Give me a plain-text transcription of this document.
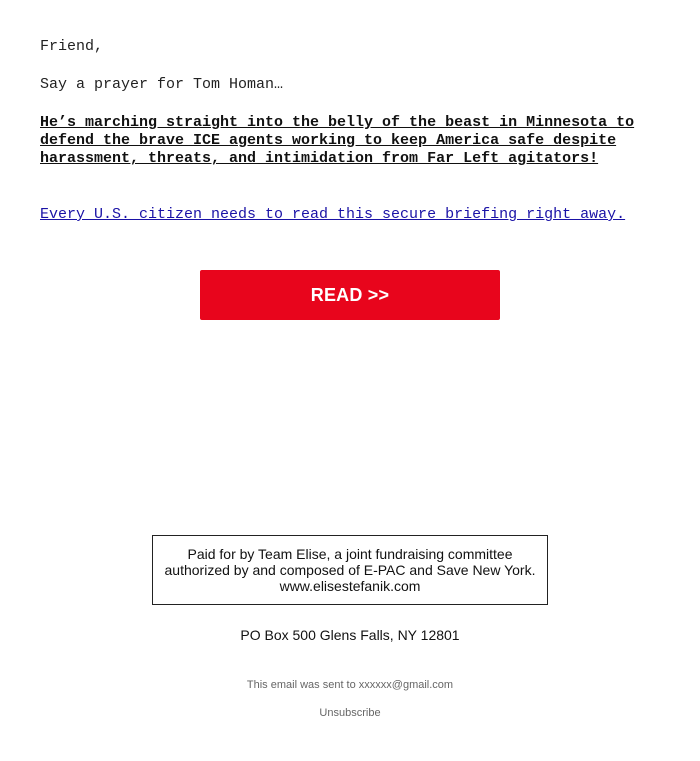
Friend,
Say a prayer for Tom Homan…
He’s marching straight into the belly of the beast in Minnesota to defend the brave ICE agents working to keep America safe despite harassment, threats, and intimidation from Far Left agitators!
Every U.S. citizen needs to read this secure briefing right away.
READ >>
Paid for by Team Elise, a joint fundraising committee
authorized by and composed of E-PAC and Save New York.
www.elisestefanik.com
PO Box 500 Glens Falls, NY 12801
This email was sent to xxxxxx@gmail.com
Unsubscribe
